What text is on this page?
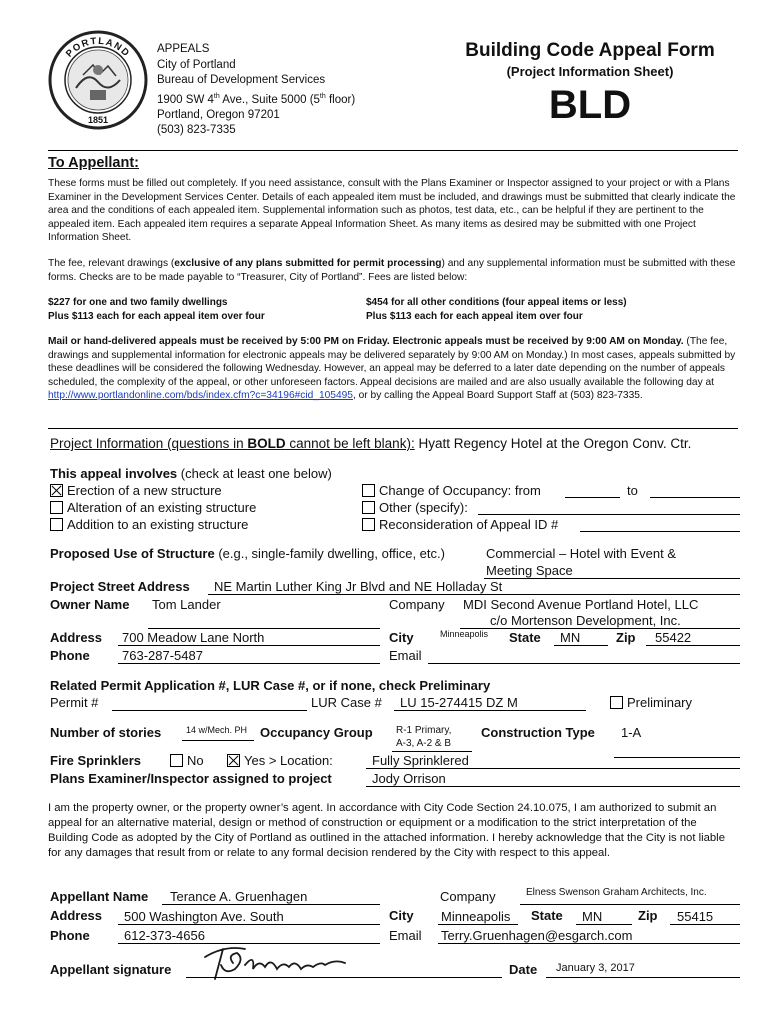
PORTLAND
1851
APPEALS
City of Portland
Bureau of Development Services
1900 SW 4th Ave., Suite 5000 (5th floor)
Portland, Oregon 97201
(503) 823-7335
Building Code Appeal Form
(Project Information Sheet)
BLD
To Appellant:
These forms must be filled out completely. If you need assistance, consult with the Plans Examiner or Inspector assigned to your project or with a Plans Examiner in the Development Services Center. Details of each appealed item must be included, and drawings must be submitted that clearly indicate the area and the conditions of each appealed item. Supplemental information such as photos, test data, etc., can be helpful if they are pertinent to the appealed item. Each appealed item requires a separate Appeal Information Sheet. As many items as desired may be submitted with one Project Information Sheet.
The fee, relevant drawings (exclusive of any plans submitted for permit processing) and any supplemental information must be submitted with these forms. Checks are to be made payable to “Treasurer, City of Portland”. Fees are listed below:
$227 for one and two family dwellings
Plus $113 each for each appeal item over four
$454 for all other conditions (four appeal items or less)
Plus $113 each for each appeal item over four
Mail or hand-delivered appeals must be received by 5:00 PM on Friday. Electronic appeals must be received by 9:00 AM on Monday. (The fee, drawings and supplemental information for electronic appeals may be delivered separately by 9:00 AM on Monday.) In most cases, appeals submitted by these deadlines will be considered the following Wednesday. However, an appeal may be deferred to a later date depending on the number of appeals scheduled, the complexity of the appeal, or other unforeseen factors. Appeal decisions are mailed and are also usually available the following day at http://www.portlandonline.com/bds/index.cfm?c=34196#cid_105495, or by calling the Appeal Board Support Staff at (503) 823-7335.
Project Information (questions in BOLD cannot be left blank): Hyatt Regency Hotel at the Oregon Conv. Ctr.
This appeal involves (check at least one below)
Erection of a new structure
Alteration of an existing structure
Addition to an existing structure
Change of Occupancy: from	to
Other (specify):
Reconsideration of Appeal ID #
Proposed Use of Structure (e.g., single-family dwelling, office, etc.)	Commercial – Hotel with Event &
Meeting Space
Project Street Address NE Martin Luther King Jr Blvd and NE Holladay St
Owner Name Tom Lander	Company MDI Second Avenue Portland Hotel, LLC
c/o Mortenson Development, Inc.
Address 700 Meadow Lane North	City	Minneapolis State MN	Zip 55422
Phone 763-287-5487	Email
Related Permit Application #, LUR Case #, or if none, check Preliminary
Permit #	LUR Case # LU 15-274415 DZ M	Preliminary
Number of stories	14 w/Mech. PH Occupancy Group R-1 Primary,
A-3, A-2 & B
Construction Type 1-A
Fire Sprinklers	No	Yes > Location:	Fully Sprinklered
Plans Examiner/Inspector assigned to project	Jody Orrison
I am the property owner, or the property owner’s agent. In accordance with City Code Section 24.10.075, I am authorized to submit an appeal for an alternative material, design or method of construction or equipment or a modification to the strict interpretation of the Building Code as adopted by the City of Portland as outlined in the attached information. I hereby acknowledge that the City is not liable for any damages that result from or relate to any formal decision rendered by the City with respect to this appeal.
Appellant Name Terance A. Gruenhagen	Company	Elness Swenson Graham Architects, Inc.
Address 500 Washington Ave. South	City Minneapolis State MN	Zip 55415
Phone	612-373-4656	Email Terry.Gruenhagen@esgarch.com
Appellant signature	Date January 3, 2017
